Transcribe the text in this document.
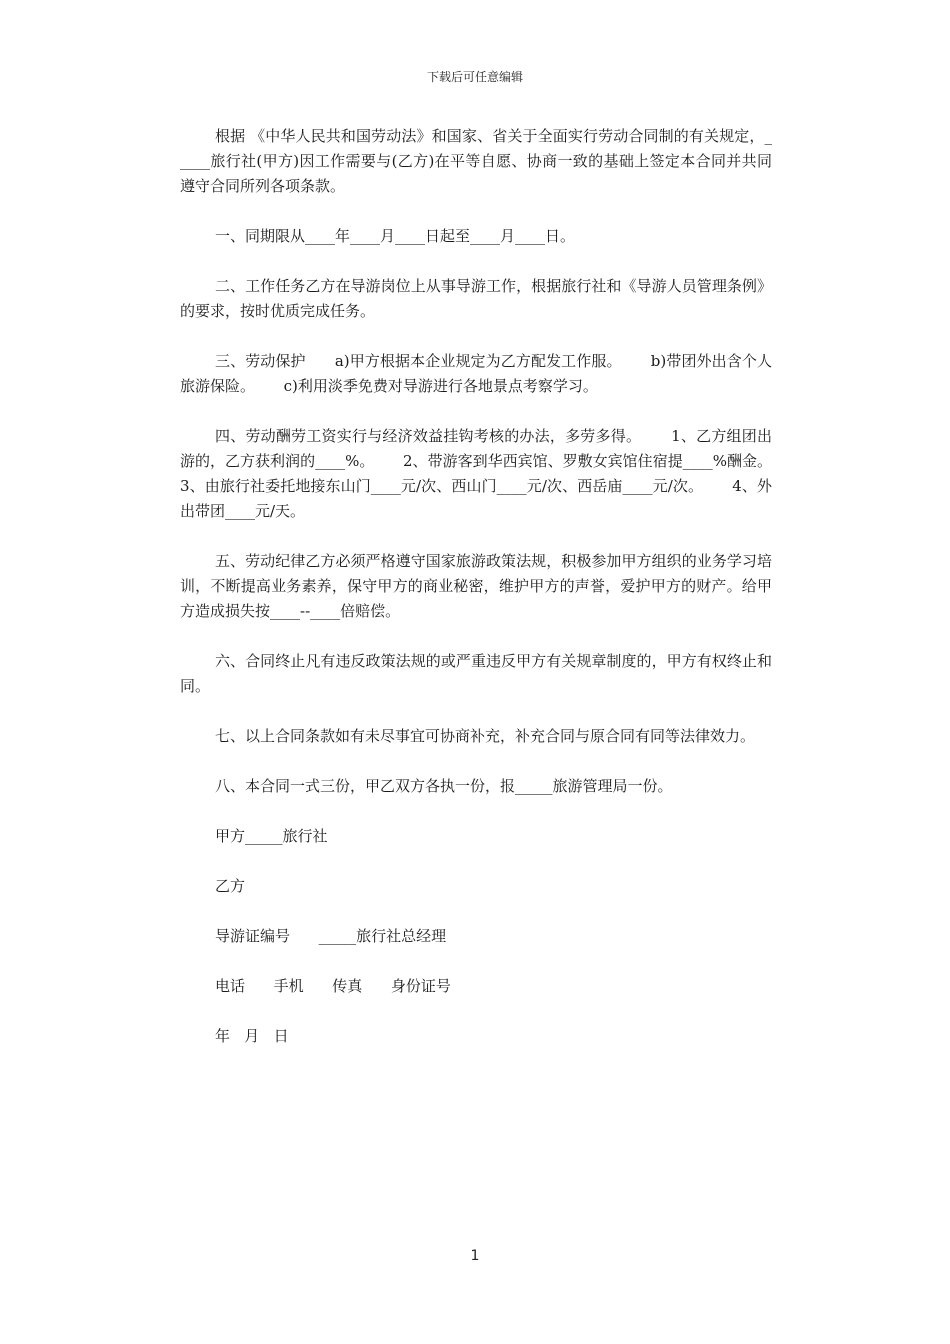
下载后可任意编辑

根据 《中华人民共和国劳动法》和国家、省关于全面实行劳动合同制的有关规定，_____旅行社(甲方)因工作需要与(乙方)在平等自愿、协商一致的基础上签定本合同并共同遵守合同所列各项条款。

一、同期限从____年____月____日起至____月____日。

二、工作任务乙方在导游岗位上从事导游工作，根据旅行社和《导游人员管理条例》的要求，按时优质完成任务。

三、劳动保护      a)甲方根据本企业规定为乙方配发工作服。      b)带团外出含个人旅游保险。      c)利用淡季免费对导游进行各地景点考察学习。

四、劳动酬劳工资实行与经济效益挂钩考核的办法，多劳多得。      1、乙方组团出游的，乙方获利润的____%。      2、带游客到华西宾馆、罗敷女宾馆住宿提____%酬金。      3、由旅行社委托地接东山门____元/次、西山门____元/次、西岳庙____元/次。      4、外出带团____元/天。

五、劳动纪律乙方必须严格遵守国家旅游政策法规，积极参加甲方组织的业务学习培训，不断提高业务素养，保守甲方的商业秘密，维护甲方的声誉，爱护甲方的财产。给甲方造成损失按____--____倍赔偿。

六、合同终止凡有违反政策法规的或严重违反甲方有关规章制度的，甲方有权终止和同。

七、以上合同条款如有未尽事宜可协商补充，补充合同与原合同有同等法律效力。

八、本合同一式三份，甲乙双方各执一份，报_____旅游管理局一份。

甲方_____旅行社
乙方
导游证编号      _____旅行社总经理
电话      手机      传真      身份证号
年   月   日
1
